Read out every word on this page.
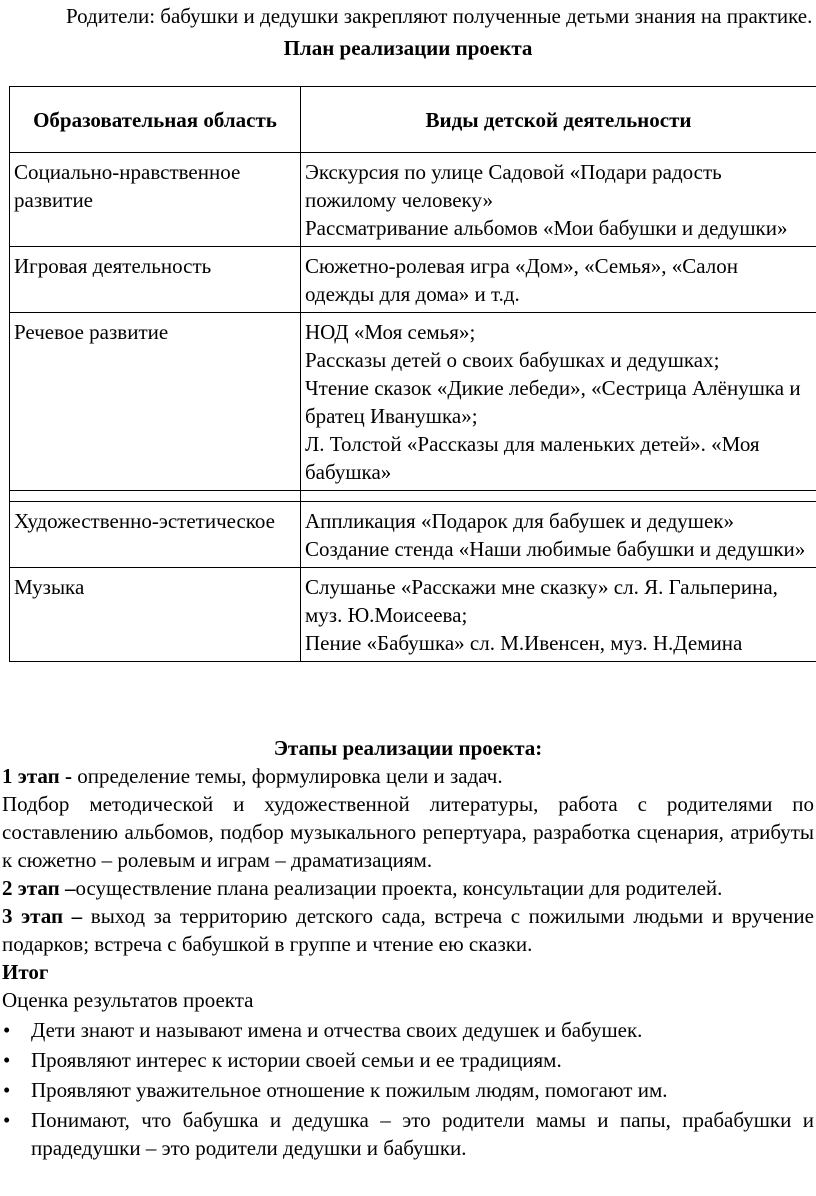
Родители: бабушки и дедушки закрепляют полученные детьми знания на практике.

План реализации проекта

Образовательная область	Виды детской деятельности
Социально-нравственное развитие	Экскурсия по улице Садовой «Подари радость пожилому человеку»
Рассматривание альбомов «Мои бабушки и дедушки»

Игровая деятельность	Сюжетно-ролевая игра «Дом», «Семья», «Салон одежды для дома» и т.д.

Речевое развитие	НОД «Моя семья»;
Рассказы детей о своих бабушках и дедушках;
Чтение сказок «Дикие лебеди», «Сестрица Алёнушка и братец Иванушка»;
Л. Толстой «Рассказы для маленьких детей». «Моя бабушка»

Художественно-эстетическое	Аппликация «Подарок для бабушек и дедушек»
Создание стенда «Наши любимые бабушки и дедушки»

Музыка	Слушанье «Расскажи мне сказку» сл. Я. Гальперина, муз. Ю.Моисеева;
Пение «Бабушка» сл. М.Ивенсен, муз. Н.Демина

Этапы реализации проекта:

1 этап - определение темы, формулировка цели и задач.

Подбор методической и художественной литературы, работа с родителями по составлению альбомов, подбор музыкального репертуара, разработка сценария, атрибуты к сюжетно – ролевым и играм – драматизациям.

2 этап –осуществление плана реализации проекта, консультации для родителей.

3 этап – выход за территорию детского сада, встреча с пожилыми людьми и вручение подарков; встреча с бабушкой в группе и чтение ею сказки.

Итог

Оценка результатов проекта

• Дети знают и называют имена и отчества своих дедушек и бабушек.
• Проявляют интерес к истории своей семьи и ее традициям.
• Проявляют уважительное отношение к пожилым людям, помогают им.
• Понимают, что бабушка и дедушка – это родители мамы и папы, прабабушки и прадедушки – это родители дедушки и бабушки.
